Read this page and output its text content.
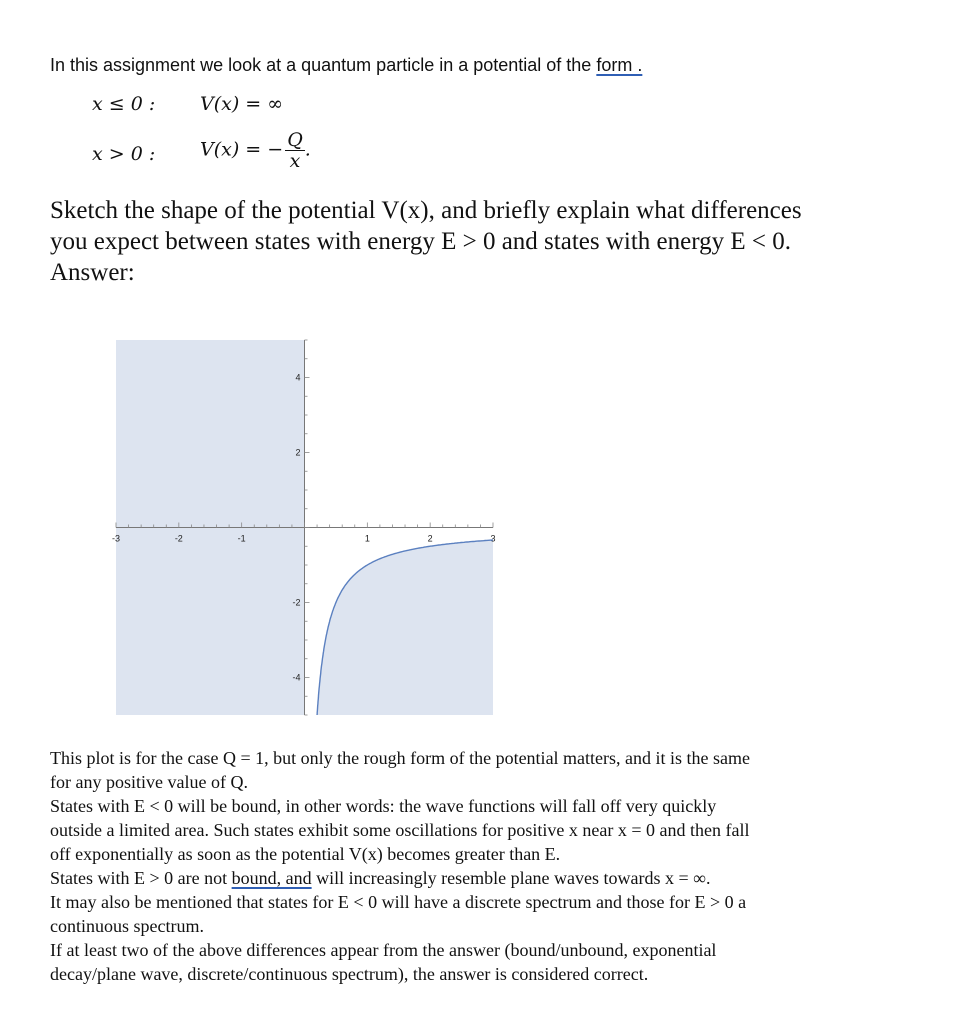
In this assignment we look at a quantum particle in a potential of the form .
x ≤ 0 : V(x) = ∞
x > 0 : V(x) = − $\frac{Q}{x}$ .

Sketch the shape of the potential V(x), and briefly explain what differences

you expect between states with energy E > 0 and states with energy E < 0.

Answer:

-3	-2	-1	1	2	3
4
2
-2
-4

This plot is for the case Q = 1, but only the rough form of the potential matters, and it is the same

for any positive value of Q.

States with E < 0 will be bound, in other words: the wave functions will fall off very quickly

outside a limited area. Such states exhibit some oscillations for positive x near x = 0 and then fall

off exponentially as soon as the potential V(x) becomes greater than E.

States with E > 0 are not bound, and will increasingly resemble plane waves towards x = ∞.

It may also be mentioned that states for E < 0 will have a discrete spectrum and those for E > 0 a

continuous spectrum.

If at least two of the above differences appear from the answer (bound/unbound, exponential

decay/plane wave, discrete/continuous spectrum), the answer is considered correct.
